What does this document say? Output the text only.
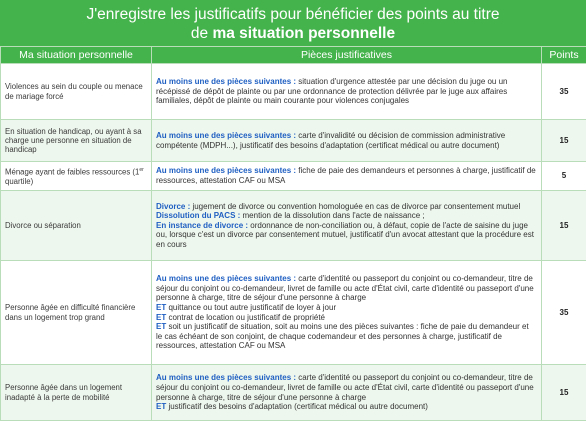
J'enregistre les justificatifs pour bénéficier des points au titre
de ma situation personnelle
Ma situation personnelle	Pièces justificatives	Points
Violences au sein du couple ou menace de mariage forcé	Au moins une des pièces suivantes : situation d'urgence attestée par une décision du juge ou un récépissé de dépôt de plainte ou par une ordonnance de protection délivrée par le juge aux affaires familiales, dépôt de plainte ou main courante pour violences conjugales	35
En situation de handicap, ou ayant à sa charge une personne en situation de handicap	Au moins une des pièces suivantes : carte d'invalidité ou décision de commission administrative compétente (MDPH...), justificatif des besoins d'adaptation (certificat médical ou autre document)	15
Ménage ayant de faibles ressources (1er quartile)	Au moins une des pièces suivantes : fiche de paie des demandeurs et personnes à charge, justificatif de ressources, attestation CAF ou MSA	5
Divorce ou séparation	Divorce : jugement de divorce ou convention homologuée en cas de divorce par consentement mutuel
Dissolution du PACS : mention de la dissolution dans l'acte de naissance ;
En instance de divorce : ordonnance de non-conciliation ou, à défaut, copie de l'acte de saisine du juge ou, lorsque c'est un divorce par consentement mutuel, justificatif d'un avocat attestant que la procédure est en cours	15
Personne âgée en difficulté financière dans un logement trop grand	Au moins une des pièces suivantes : carte d'identité ou passeport du conjoint ou co-demandeur, titre de séjour du conjoint ou co-demandeur, livret de famille ou acte d'État civil, carte d'identité ou passeport d'une personne à charge, titre de séjour d'une personne à charge
ET quittance ou tout autre justificatif de loyer à jour
ET contrat de location ou justificatif de propriété
ET soit un justificatif de situation, soit au moins une des pièces suivantes : fiche de paie du demandeur et le cas échéant de son conjoint, de chaque codemandeur et des personnes à charge, justificatif de ressources, attestation CAF ou MSA	35
Personne âgée dans un logement inadapté à la perte de mobilité	Au moins une des pièces suivantes : carte d'identité ou passeport du conjoint ou co-demandeur, titre de séjour du conjoint ou co-demandeur, livret de famille ou acte d'État civil, carte d'identité ou passeport d'une personne à charge, titre de séjour d'une personne à charge
ET justificatif des besoins d'adaptation (certificat médical ou autre document)	15
